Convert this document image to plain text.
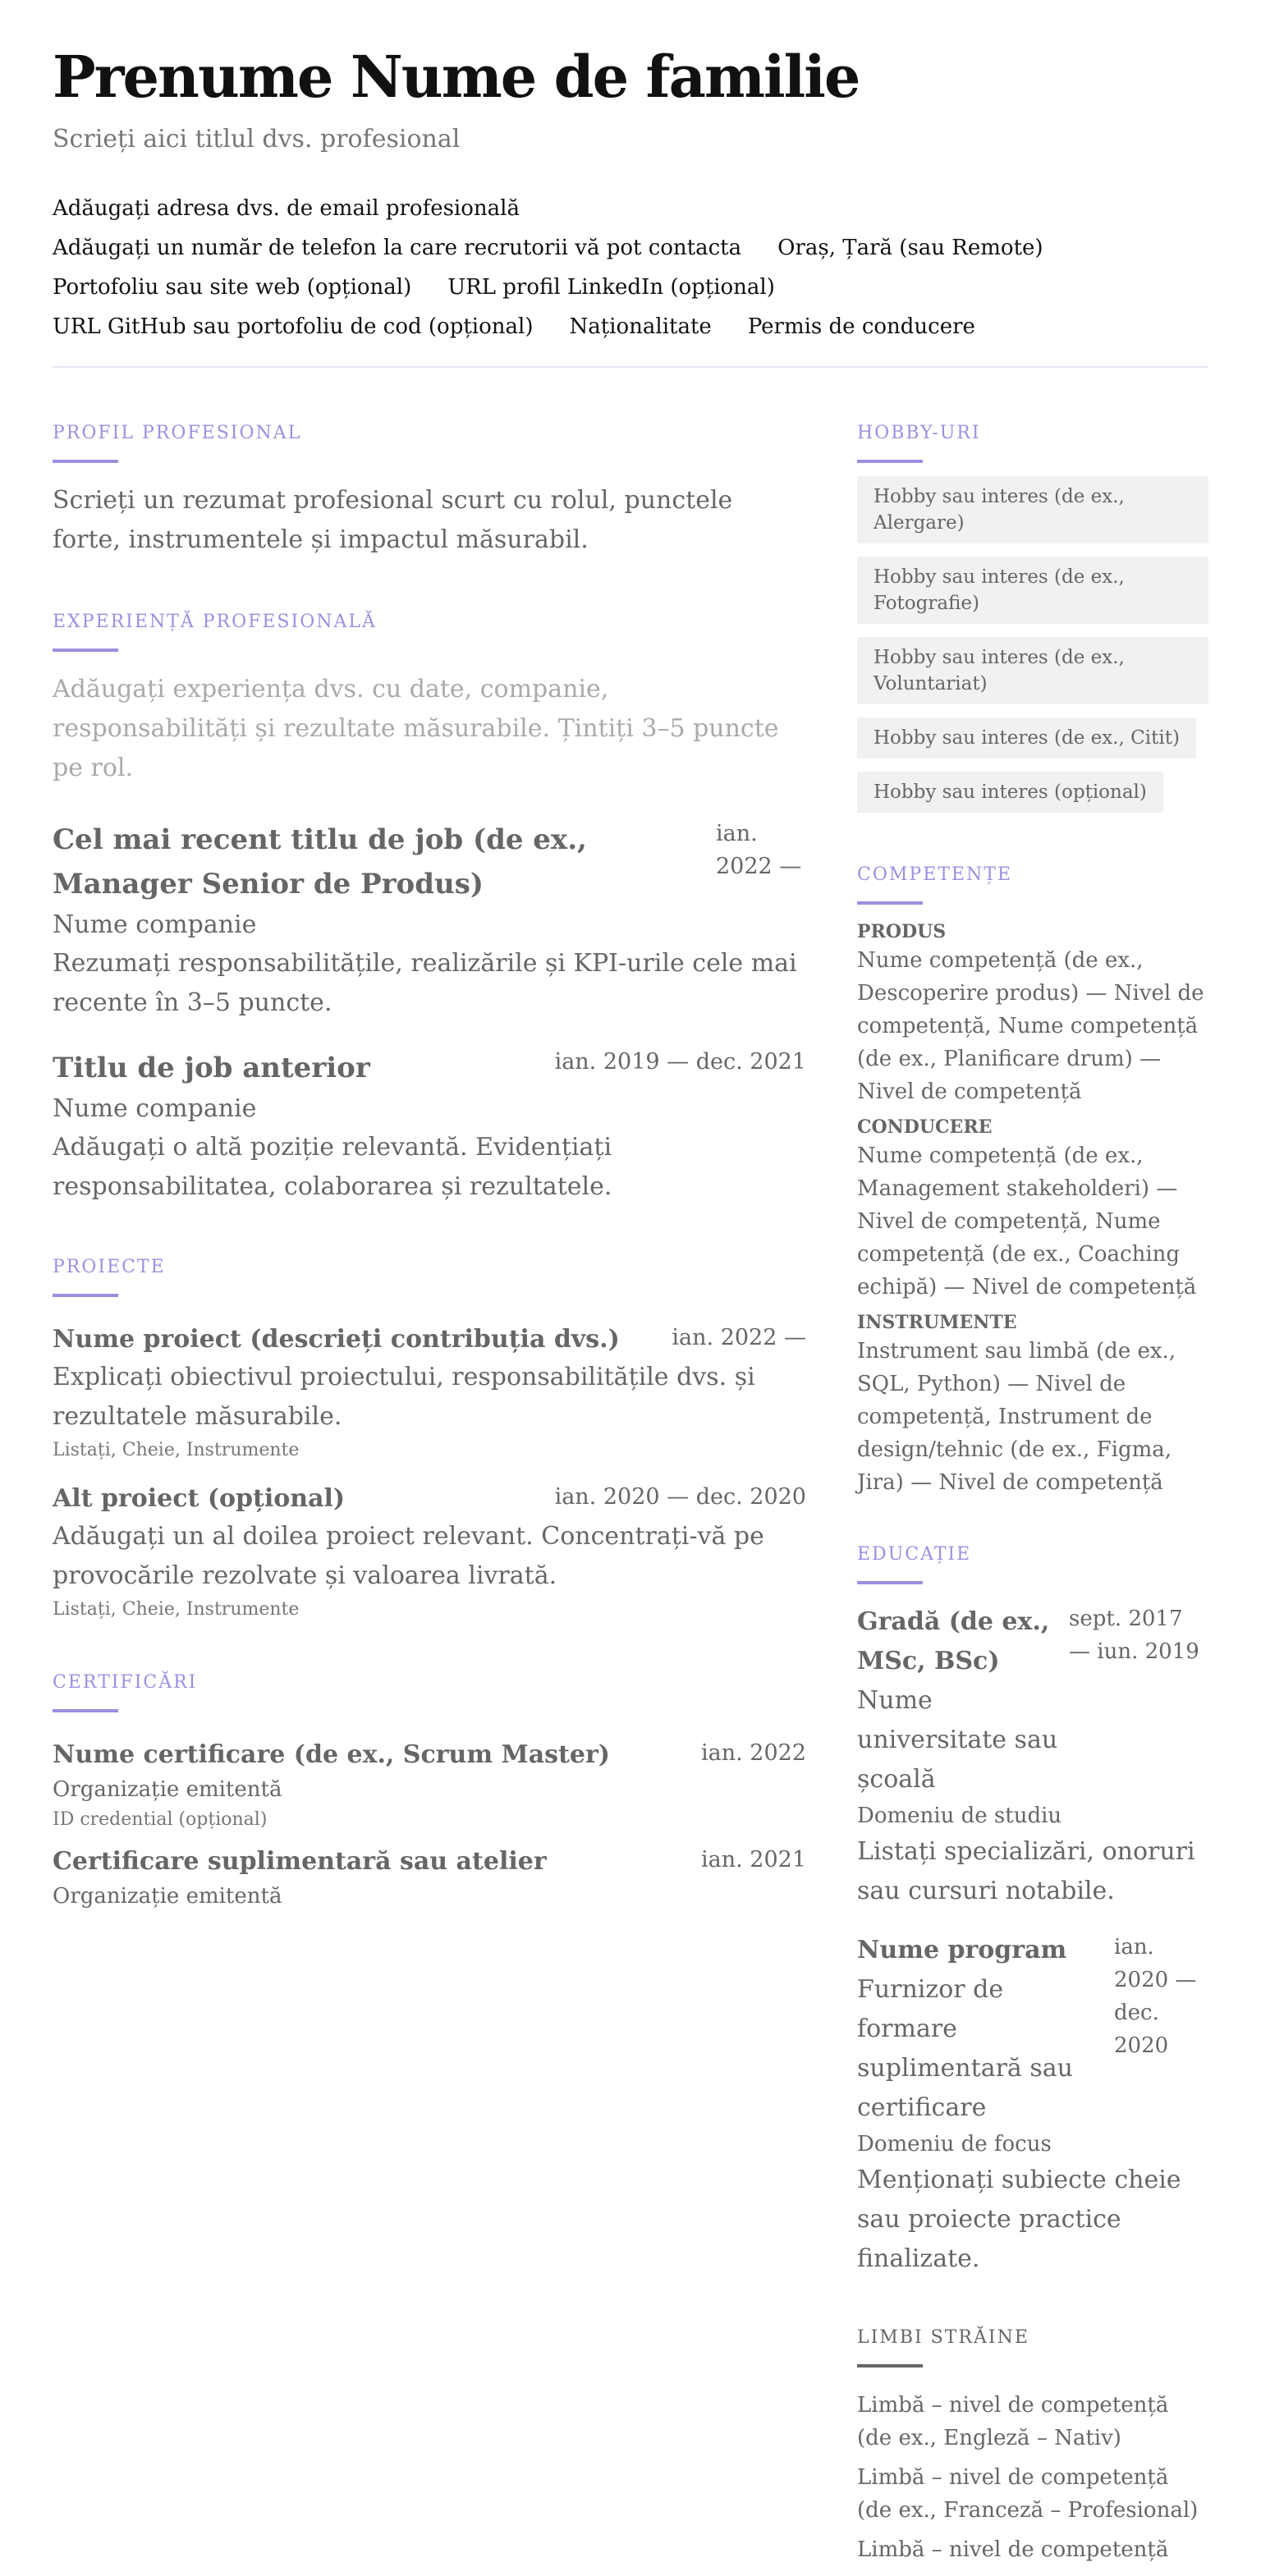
Prenume Nume de familie
Scrieți aici titlul dvs. profesional
Adăugați adresa dvs. de email profesională
Adăugați un număr de telefon la care recrutorii vă pot contacta Oraș, Țară (sau Remote)
Portofoliu sau site web (opțional) URL profil LinkedIn (opțional)
URL GitHub sau portofoliu de cod (opțional) Naționalitate Permis de conducere
PROFIL PROFESIONAL
Scrieți un rezumat profesional scurt cu rolul, punctele forte, instrumentele și impactul măsurabil.
EXPERIENȚĂ PROFESIONALĂ
Adăugați experiența dvs. cu date, companie, responsabilități și rezultate măsurabile. Țintiți 3–5 puncte pe rol.
Cel mai recent titlu de job (de ex., Manager Senior de Produs)
ian. 2022 —
Nume companie
Rezumați responsabilitățile, realizările și KPI-urile cele mai recente în 3–5 puncte.
Titlu de job anterior	ian. 2019 — dec. 2021
Nume companie
Adăugați o altă poziție relevantă. Evidențiați responsabilitatea, colaborarea și rezultatele.
PROIECTE
Nume proiect (descrieți contribuția dvs.) ian. 2022 —
Explicați obiectivul proiectului, responsabilitățile dvs. și rezultatele măsurabile.
Listați, Cheie, Instrumente
Alt proiect (opțional)	ian. 2020 — dec. 2020
Adăugați un al doilea proiect relevant. Concentrați-vă pe provocările rezolvate și valoarea livrată.
Listați, Cheie, Instrumente
CERTIFICĂRI
Nume certificare (de ex., Scrum Master)	ian. 2022
Organizație emitentă
ID credential (opțional)
Certificare suplimentară sau atelier	ian. 2021
Organizație emitentă
HOBBY-URI
Hobby sau interes (de ex., Alergare)
Hobby sau interes (de ex., Fotografie)
Hobby sau interes (de ex., Voluntariat)
Hobby sau interes (de ex., Citit)
Hobby sau interes (opțional)
COMPETENȚE
PRODUS
Nume competență (de ex., Descoperire produs) — Nivel de competență, Nume competență (de ex., Planificare drum) — Nivel de competență
CONDUCERE
Nume competență (de ex., Management stakeholderi) — Nivel de competență, Nume competență (de ex., Coaching echipă) — Nivel de competență
INSTRUMENTE
Instrument sau limbă (de ex., SQL, Python) — Nivel de competență, Instrument de design/tehnic (de ex., Figma, Jira) — Nivel de competență
EDUCAȚIE
Gradă (de ex., MSc, BSc)
Nume universitate sau școală
sept. 2017 — iun. 2019
Domeniu de studiu
Listați specializări, onoruri sau cursuri notabile.
Nume program
Furnizor de formare suplimentară sau certificare
ian. 2020 — dec. 2020
Domeniu de focus
Menționați subiecte cheie sau proiecte practice finalizate.
LIMBI STRĂINE
Limbă – nivel de competență (de ex., Engleză – Nativ)
Limbă – nivel de competență (de ex., Franceză – Profesional)
Limbă – nivel de competență
